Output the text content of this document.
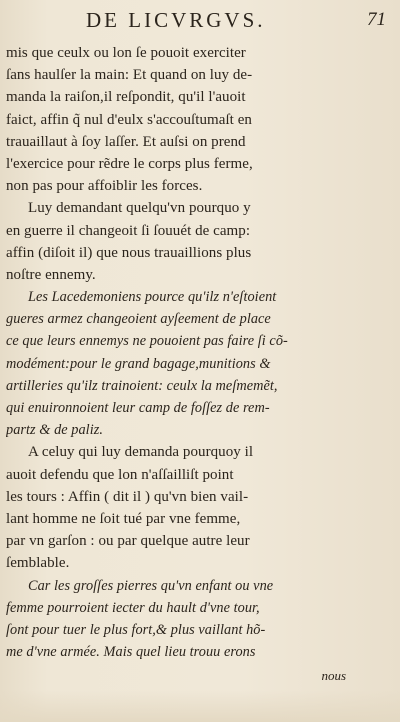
DE LICVRGVS.	71
mis que ceulx ou lon ſe pouoit exerciter
ſans haulſer la main: Et quand on luy de-
manda la raiſon,il reſpondit, qu'il l'auoit
faict, affin q̃ nul d'eulx s'accouſtumaſt en
trauaillaut à ſoy laſſer. Et auſsi on prend
l'exercice pour rẽdre le corps plus ferme,
non pas pour affoiblir les forces.
Luy demandant quelqu'vn pourquo y
en guerre il changeoit ſi ſouuét de camp:
affin (diſoit il) que nous trauaillions plus
noſtre ennemy.
Les Lacedemoniens pource qu'ilz n'eſtoient
gueres armez changeoient ayſeement de place
ce que leurs ennemys ne pouoient pas faire ſi cõ-
modément:pour le grand bagage,munitions &
artilleries qu'ilz trainoient: ceulx la meſmemẽt,
qui enuironnoient leur camp de foſſez de rem-
partz & de paliz.
A celuy qui luy demanda pourquoy il
auoit defendu que lon n'aſſailliſt point
les tours : Affin ( dit il ) qu'vn bien vail-
lant homme ne ſoit tué par vne femme,
par vn garſon : ou par quelque autre leur
ſemblable.
Car les groſſes pierres qu'vn enfant ou vne
femme pourroient iecter du hault d'vne tour,
ſont pour tuer le plus fort,& plus vaillant hõ-
me d'vne armée. Mais quel lieu trouu erons
nous
